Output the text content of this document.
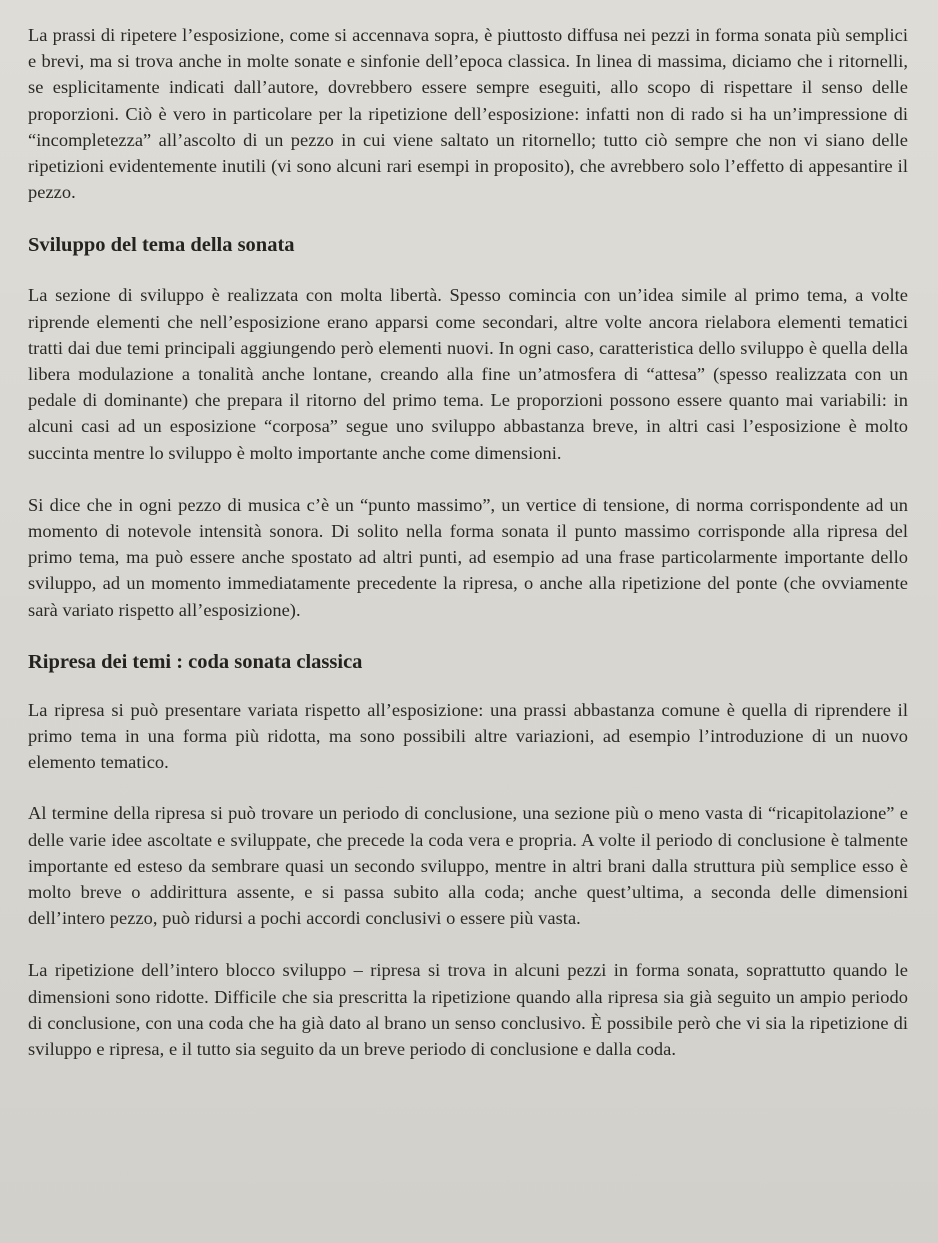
La prassi di ripetere l’esposizione, come si accennava sopra, è piuttosto diffusa nei pezzi in forma sonata più semplici e brevi, ma si trova anche in molte sonate e sinfonie dell’epoca classica. In linea di massima, diciamo che i ritornelli, se esplicitamente indicati dall’autore, dovrebbero essere sempre eseguiti, allo scopo di rispettare il senso delle proporzioni. Ciò è vero in particolare per la ripetizione dell’esposizione: infatti non di rado si ha un’impressione di “incompletezza” all’ascolto di un pezzo in cui viene saltato un ritornello; tutto ciò sempre che non vi siano delle ripetizioni evidentemente inutili (vi sono alcuni rari esempi in proposito), che avrebbero solo l’effetto di appesantire il pezzo.

Sviluppo del tema della sonata

La sezione di sviluppo è realizzata con molta libertà. Spesso comincia con un’idea simile al primo tema, a volte riprende elementi che nell’esposizione erano apparsi come secondari, altre volte ancora rielabora elementi tematici tratti dai due temi principali aggiungendo però elementi nuovi. In ogni caso, caratteristica dello sviluppo è quella della libera modulazione a tonalità anche lontane, creando alla fine un’atmosfera di “attesa” (spesso realizzata con un pedale di dominante) che prepara il ritorno del primo tema. Le proporzioni possono essere quanto mai variabili: in alcuni casi ad un esposizione “corposa” segue uno sviluppo abbastanza breve, in altri casi l’esposizione è molto succinta mentre lo sviluppo è molto importante anche come dimensioni.

Si dice che in ogni pezzo di musica c’è un “punto massimo”, un vertice di tensione, di norma corrispondente ad un momento di notevole intensità sonora. Di solito nella forma sonata il punto massimo corrisponde alla ripresa del primo tema, ma può essere anche spostato ad altri punti, ad esempio ad una frase particolarmente importante dello sviluppo, ad un momento immediatamente precedente la ripresa, o anche alla ripetizione del ponte (che ovviamente sarà variato rispetto all’esposizione).

Ripresa dei temi : coda sonata classica

La ripresa si può presentare variata rispetto all’esposizione: una prassi abbastanza comune è quella di riprendere il primo tema in una forma più ridotta, ma sono possibili altre variazioni, ad esempio l’introduzione di un nuovo elemento tematico.

Al termine della ripresa si può trovare un periodo di conclusione, una sezione più o meno vasta di “ricapitolazione” e delle varie idee ascoltate e sviluppate, che precede la coda vera e propria. A volte il periodo di conclusione è talmente importante ed esteso da sembrare quasi un secondo sviluppo, mentre in altri brani dalla struttura più semplice esso è molto breve o addirittura assente, e si passa subito alla coda; anche quest’ultima, a seconda delle dimensioni dell’intero pezzo, può ridursi a pochi accordi conclusivi o essere più vasta.

La ripetizione dell’intero blocco sviluppo – ripresa si trova in alcuni pezzi in forma sonata, soprattutto quando le dimensioni sono ridotte. Difficile che sia prescritta la ripetizione quando alla ripresa sia già seguito un ampio periodo di conclusione, con una coda che ha già dato al brano un senso conclusivo. È possibile però che vi sia la ripetizione di sviluppo e ripresa, e il tutto sia seguito da un breve periodo di conclusione e dalla coda.
